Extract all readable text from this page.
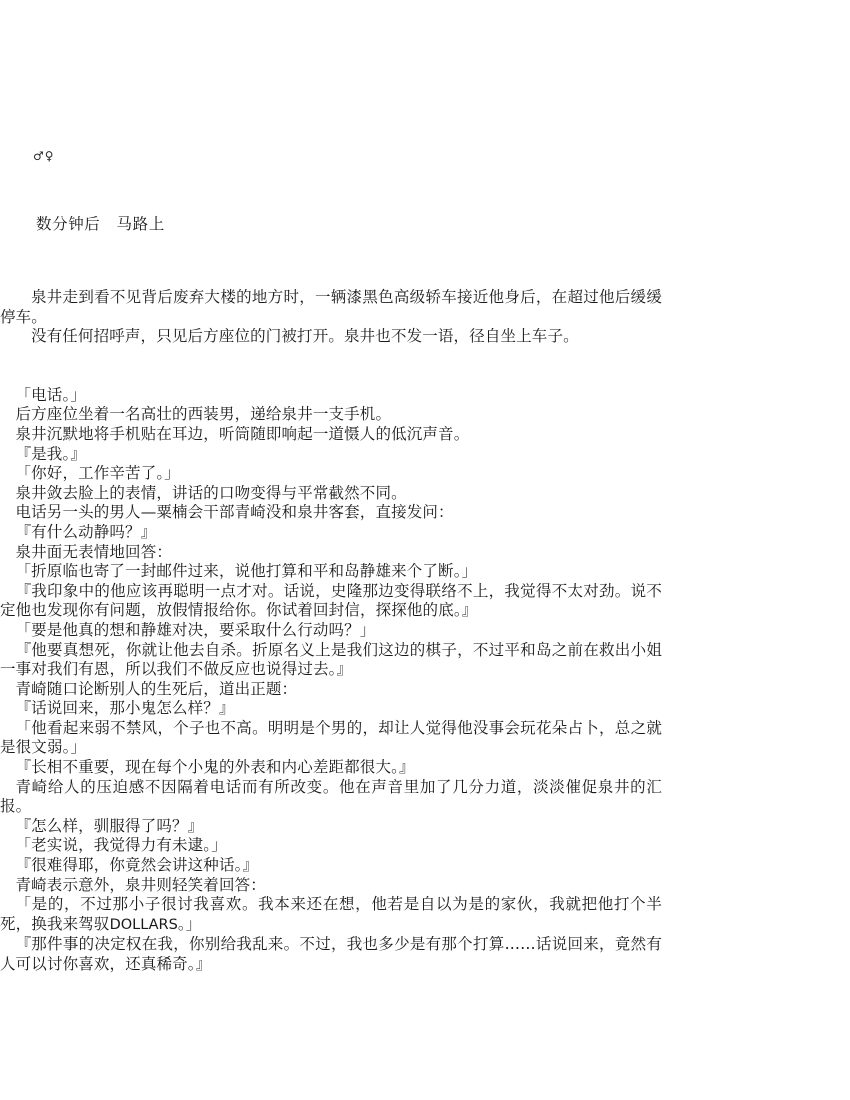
♂♀
数分钟后　马路上

泉井走到看不见背后废弃大楼的地方时，一辆漆黑色高级轿车接近他身后，在超过他后缓缓停车。

没有任何招呼声，只见后方座位的门被打开。泉井也不发一语，径自坐上车子。

「电话。」

后方座位坐着一名高壮的西装男，递给泉井一支手机。

泉井沉默地将手机贴在耳边，听筒随即响起一道慑人的低沉声音。

『是我。』

「你好，工作辛苦了。」

泉井敛去脸上的表情，讲话的口吻变得与平常截然不同。

电话另一头的男人—粟楠会干部青崎没和泉井客套，直接发问：

『有什么动静吗？』

泉井面无表情地回答：

「折原临也寄了一封邮件过来，说他打算和平和岛静雄来个了断。」

『我印象中的他应该再聪明一点才对。话说，史隆那边变得联络不上，我觉得不太对劲。说不定他也发现你有问题，放假情报给你。你试着回封信，探探他的底。』

「要是他真的想和静雄对决，要采取什么行动吗？」

『他要真想死，你就让他去自杀。折原名义上是我们这边的棋子，不过平和岛之前在救出小姐一事对我们有恩，所以我们不做反应也说得过去。』

青崎随口论断别人的生死后，道出正题：

『话说回来，那小鬼怎么样？』

「他看起来弱不禁风，个子也不高。明明是个男的，却让人觉得他没事会玩花朵占卜，总之就是很文弱。」

『长相不重要，现在每个小鬼的外表和内心差距都很大。』

青崎给人的压迫感不因隔着电话而有所改变。他在声音里加了几分力道，淡淡催促泉井的汇报。

『怎么样，驯服得了吗？』

「老实说，我觉得力有未逮。」

『很难得耶，你竟然会讲这种话。』

青崎表示意外，泉井则轻笑着回答：

「是的，不过那小子很讨我喜欢。我本来还在想，他若是自以为是的家伙，我就把他打个半死，换我来驾驭DOLLARS。」

『那件事的决定权在我，你别给我乱来。不过，我也多少是有那个打算……话说回来，竟然有人可以讨你喜欢，还真稀奇。』
